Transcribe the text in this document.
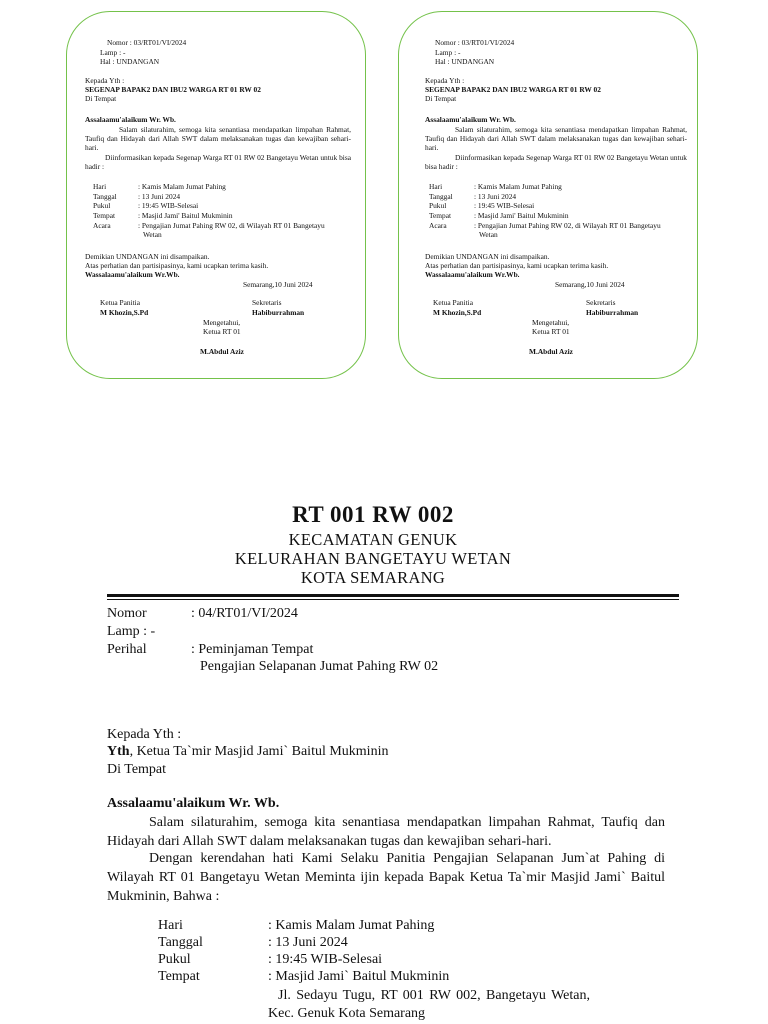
Nomor : 03/RT01/VI/2024
Lamp : -
Hal : UNDANGAN
Kepada Yth :
SEGENAP BAPAK2 DAN IBU2 WARGA RT 01 RW 02
Di Tempat
Assalaamu'alaikum Wr. Wb.
Salam silaturahim, semoga kita senantiasa mendapatkan limpahan Rahmat, Taufiq dan Hidayah dari Allah SWT dalam melaksanakan tugas dan kewajiban sehari-hari.
Diinformasikan kepada Segenap Warga RT 01 RW 02 Bangetayu Wetan untuk bisa hadir :
Hari	: Kamis Malam Jumat Pahing
Tanggal	: 13 Juni 2024
Pukul	: 19:45 WIB-Selesai
Tempat	: Masjid Jami' Baitul Mukminin
Acara	: Pengajian Jumat Pahing RW 02, di Wilayah RT 01 Bangetayu
Wetan
Demikian UNDANGAN ini disampaikan.
Atas perhatian dan partisipasinya, kami ucapkan terima kasih.
Wassalaamu'alaikum Wr.Wb.
Semarang,10 Juni 2024
Ketua Panitia
M Khozin,S.Pd
Sekretaris
Habiburrahman
Mengetahui,
Ketua RT 01
M.Abdul Aziz
Nomor : 03/RT01/VI/2024
Lamp : -
Hal : UNDANGAN
Kepada Yth :
SEGENAP BAPAK2 DAN IBU2 WARGA RT 01 RW 02
Di Tempat
Assalaamu'alaikum Wr. Wb.
Salam silaturahim, semoga kita senantiasa mendapatkan limpahan Rahmat, Taufiq dan Hidayah dari Allah SWT dalam melaksanakan tugas dan kewajiban sehari-hari.
Diinformasikan kepada Segenap Warga RT 01 RW 02 Bangetayu Wetan untuk bisa hadir :
Hari	: Kamis Malam Jumat Pahing
Tanggal	: 13 Juni 2024
Pukul	: 19:45 WIB-Selesai
Tempat	: Masjid Jami' Baitul Mukminin
Acara	: Pengajian Jumat Pahing RW 02, di Wilayah RT 01 Bangetayu
Wetan
Demikian UNDANGAN ini disampaikan.
Atas perhatian dan partisipasinya, kami ucapkan terima kasih.
Wassalaamu'alaikum Wr.Wb.
Semarang,10 Juni 2024
Ketua Panitia
M Khozin,S.Pd
Sekretaris
Habiburrahman
Mengetahui,
Ketua RT 01
M.Abdul Aziz
RT 001 RW 002
KECAMATAN GENUK
KELURAHAN BANGETAYU WETAN
KOTA SEMARANG
Nomor	: 04/RT01/VI/2024
Lamp : -
Perihal	: Peminjaman Tempat
Pengajian Selapanan Jumat Pahing RW 02
Kepada Yth :
Yth, Ketua Ta`mir Masjid Jami` Baitul Mukminin
Di Tempat
Assalaamu'alaikum Wr. Wb.
Salam silaturahim, semoga kita senantiasa mendapatkan limpahan Rahmat, Taufiq dan Hidayah dari Allah SWT dalam melaksanakan tugas dan kewajiban sehari-hari.
Dengan kerendahan hati Kami Selaku Panitia Pengajian Selapanan Jum`at Pahing di Wilayah RT 01 Bangetayu Wetan Meminta ijin kepada Bapak Ketua Ta`mir Masjid Jami` Baitul Mukminin, Bahwa :
Hari	: Kamis Malam Jumat Pahing
Tanggal	: 13 Juni 2024
Pukul	: 19:45 WIB-Selesai
Tempat	: Masjid Jami` Baitul Mukminin
Jl. Sedayu Tugu, RT 001 RW 002, Bangetayu Wetan, Kec. Genuk Kota Semarang
